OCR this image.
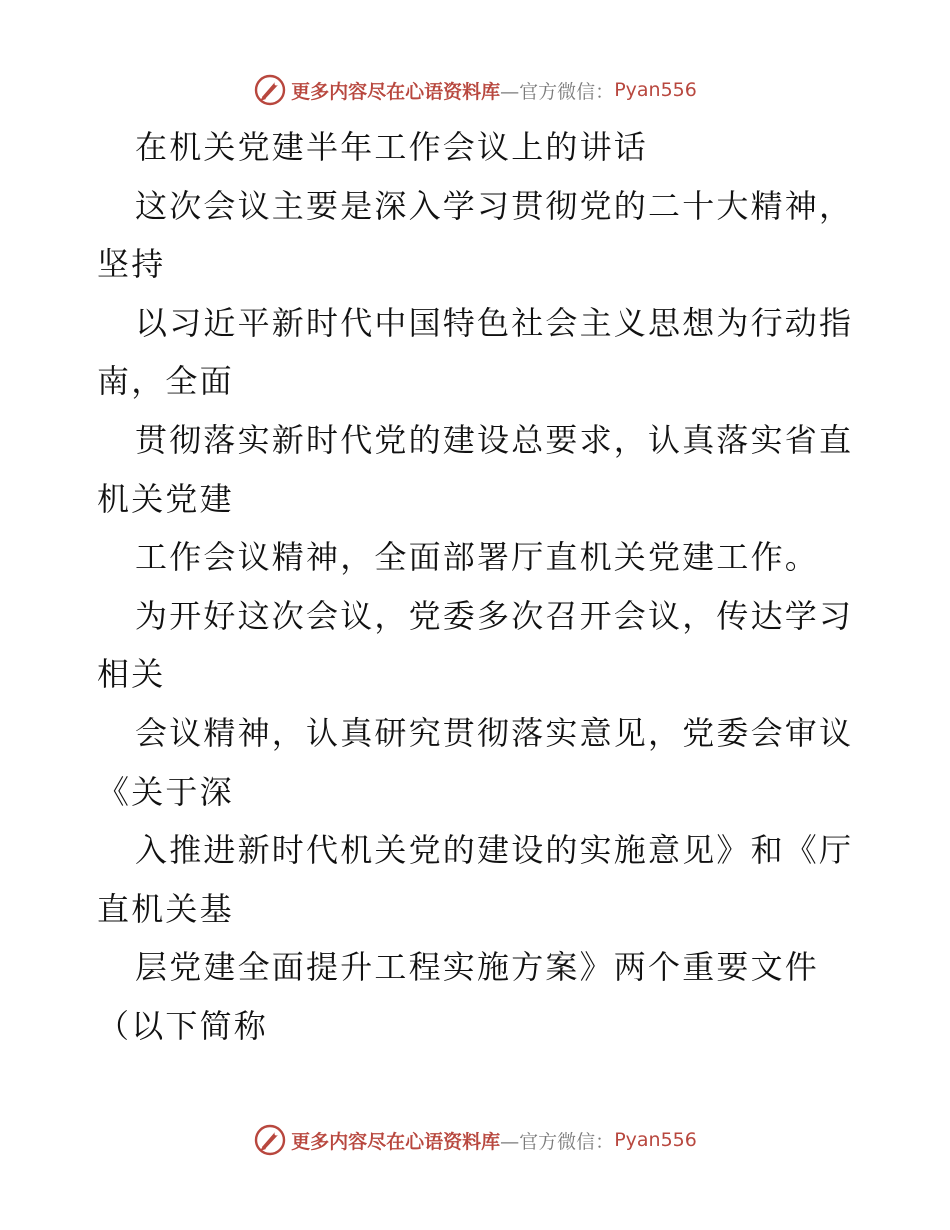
更多内容尽在心语资料库 —官方微信： Pyan556
在机关党建半年工作会议上的讲话
这次会议主要是深入学习贯彻党的二十大精神，
坚持
以习近平新时代中国特色社会主义思想为行动指
南，全面
贯彻落实新时代党的建设总要求，认真落实省直
机关党建
工作会议精神，全面部署厅直机关党建工作。
为开好这次会议，党委多次召开会议，传达学习
相关
会议精神，认真研究贯彻落实意见，党委会审议
《关于深
入推进新时代机关党的建设的实施意见》和《厅
直机关基
层党建全面提升工程实施方案》两个重要文件
（以下简称
更多内容尽在心语资料库 —官方微信： Pyan556
